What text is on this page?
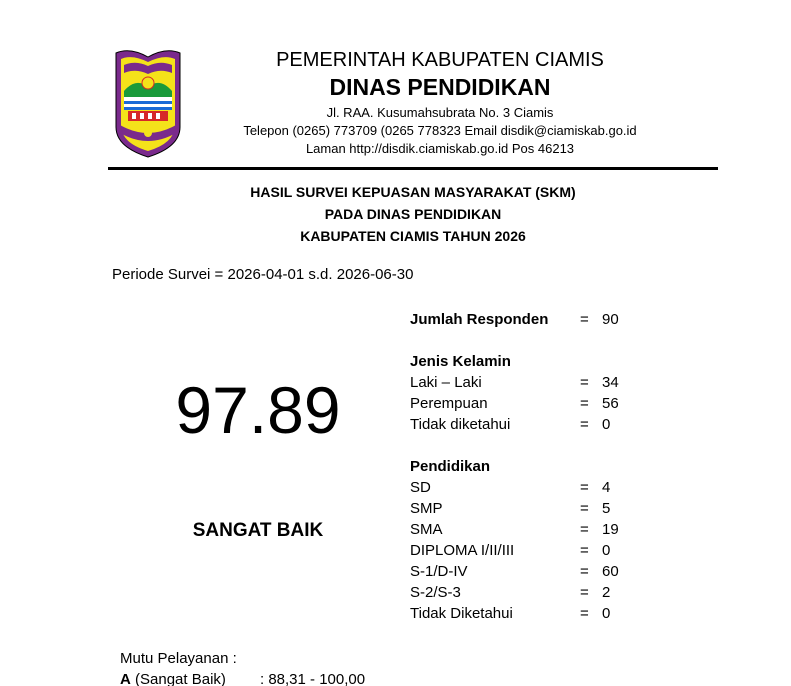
PEMERINTAH KABUPATEN CIAMIS
DINAS PENDIDIKAN
Jl. RAA. Kusumahsubrata No. 3 Ciamis
Telepon (0265) 773709 (0265 778323 Email disdik@ciamiskab.go.id
Laman http://disdik.ciamiskab.go.id Pos 46213
HASIL SURVEI KEPUASAN MASYARAKAT (SKM)
PADA DINAS PENDIDIKAN
KABUPATEN CIAMIS TAHUN 2026
Periode Survei = 2026-04-01 s.d. 2026-06-30
97.89
SANGAT BAIK
Jumlah Responden = 90
Jenis Kelamin
Laki – Laki	= 34
Perempuan	= 56
Tidak diketahui	= 0
Pendidikan
SD	= 4
SMP	= 5
SMA	= 19
DIPLOMA I/II/III	= 0
S-1/D-IV	= 60
S-2/S-3	= 2
Tidak Diketahui	= 0
Mutu Pelayanan :
A (Sangat Baik) : 88,31 - 100,00
